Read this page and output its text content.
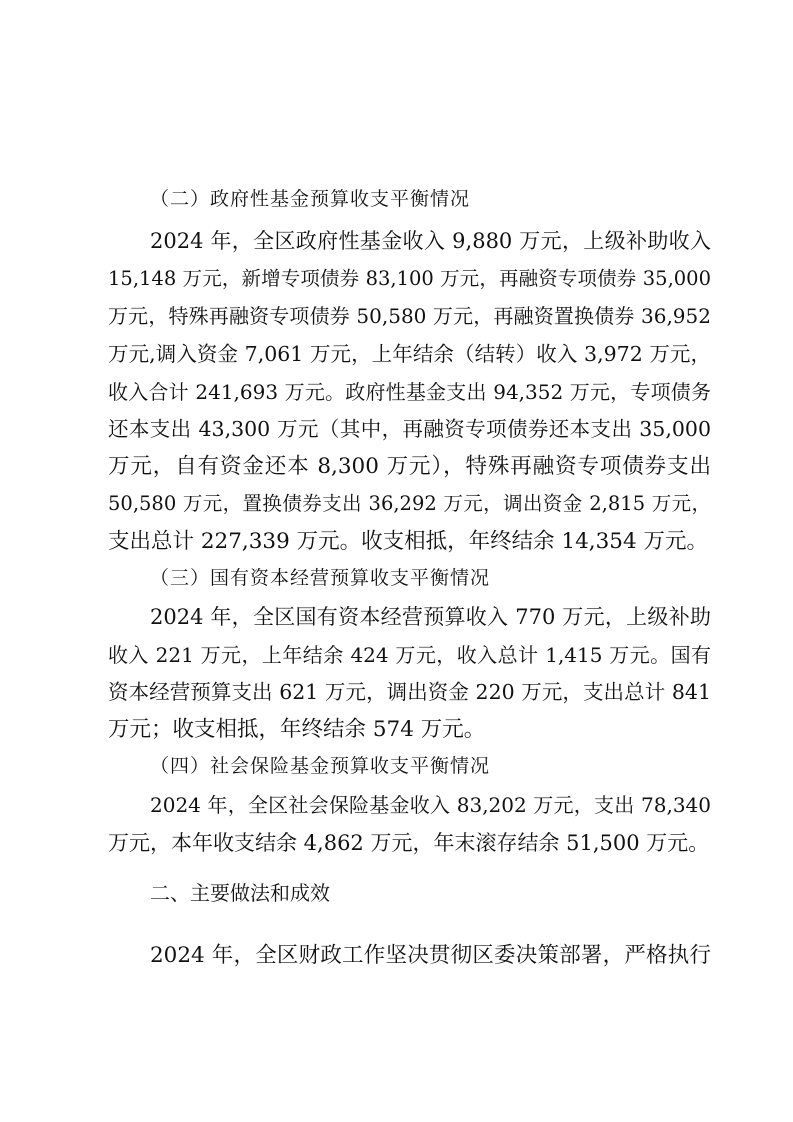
（二）政府性基金预算收支平衡情况
2024 年，全区政府性基金收入 9,880 万元，上级补助收入
15,148 万元，新增专项债券 83,100 万元，再融资专项债券 35,000
万元，特殊再融资专项债券 50,580 万元，再融资置换债券 36,952
万元,调入资金 7,061 万元，上年结余（结转）收入 3,972 万元，
收入合计 241,693 万元。政府性基金支出 94,352 万元，专项债务
还本支出 43,300 万元（其中，再融资专项债券还本支出 35,000
万元，自有资金还本 8,300 万元），特殊再融资专项债券支出
50,580 万元，置换债券支出 36,292 万元，调出资金 2,815 万元，
支出总计 227,339 万元。收支相抵，年终结余 14,354 万元。
（三）国有资本经营预算收支平衡情况
2024 年，全区国有资本经营预算收入 770 万元，上级补助
收入 221 万元，上年结余 424 万元，收入总计 1,415 万元。国有
资本经营预算支出 621 万元，调出资金 220 万元，支出总计 841
万元；收支相抵，年终结余 574 万元。
（四）社会保险基金预算收支平衡情况
2024 年，全区社会保险基金收入 83,202 万元，支出 78,340
万元，本年收支结余 4,862 万元，年末滚存结余 51,500 万元。
二、主要做法和成效
2024 年，全区财政工作坚决贯彻区委决策部署，严格执行
